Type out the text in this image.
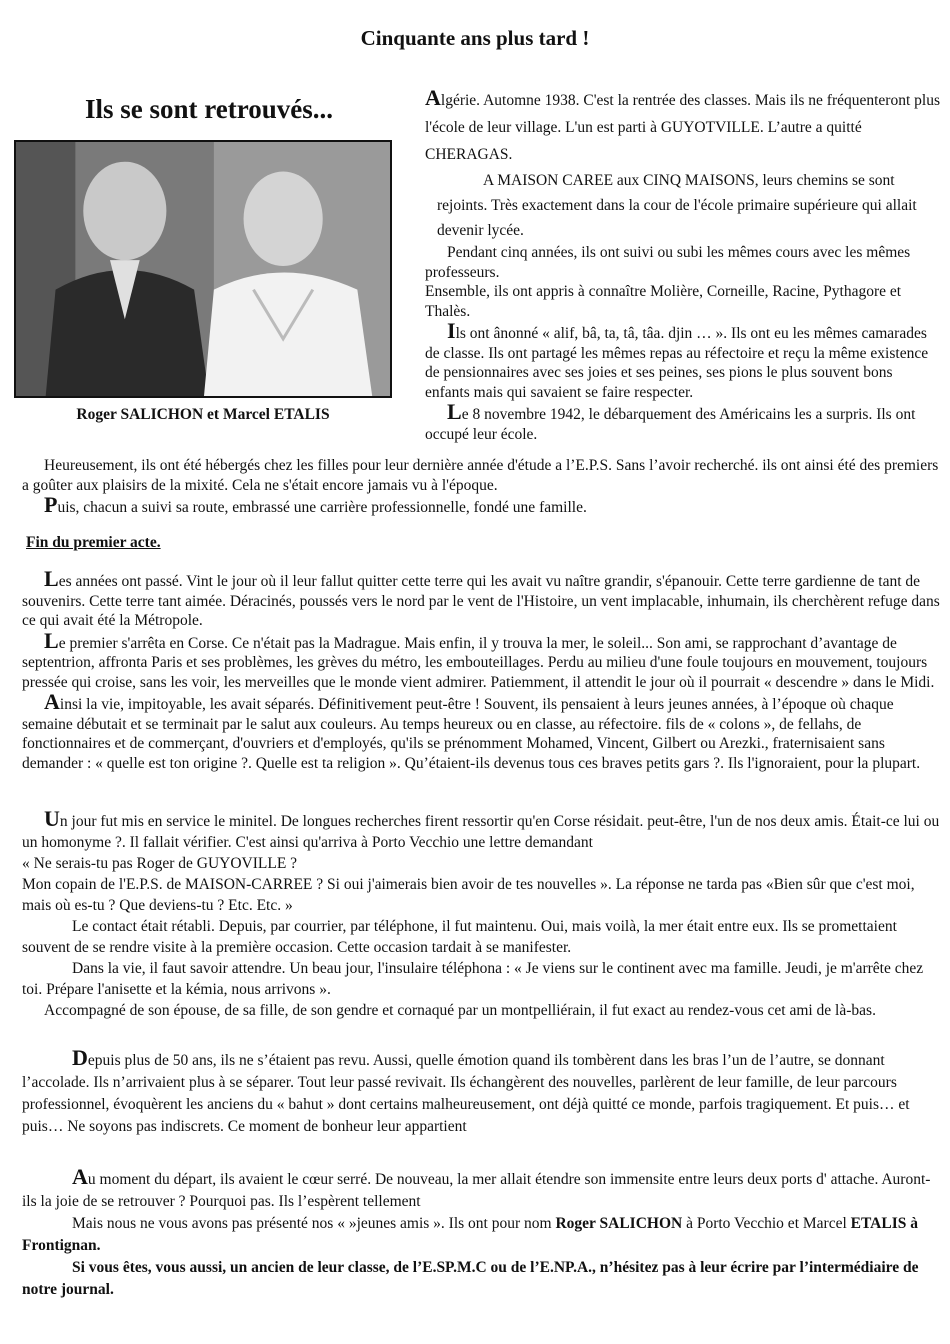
Cinquante ans plus tard !
Ils se sont retrouvés...
Roger SALICHON et Marcel ETALIS

Algérie. Automne 1938. C'est la rentrée des classes. Mais ils ne fréquenteront plus l'école de leur village. L'un est parti à GUYOTVILLE. L’autre a quitté CHERAGAS.

A MAISON CAREE aux CINQ MAISONS, leurs chemins se sont rejoints. Très exactement dans la cour de l'école primaire supérieure qui allait devenir lycée.

Pendant cinq années, ils ont suivi ou subi les mêmes cours avec les mêmes professeurs.

Ensemble, ils ont appris à connaître Molière, Corneille, Racine, Pythagore et Thalès.

Ils ont ânonné « alif, bâ, ta, tâ, tâa. djin … ». Ils ont eu les mêmes camarades de classe. Ils ont partagé les mêmes repas au réfectoire et reçu la même existence de pensionnaires avec ses joies et ses peines, ses pions le plus souvent bons enfants mais qui savaient se faire respecter.

Le 8 novembre 1942, le débarquement des Américains les a surpris. Ils ont occupé leur école.

Heureusement, ils ont été hébergés chez les filles pour leur dernière année d'étude a l’E.P.S. Sans l’avoir recherché. ils ont ainsi été des premiers a goûter aux plaisirs de la mixité. Cela ne s'était encore jamais vu à l'époque.

Puis, chacun a suivi sa route, embrassé une carrière professionnelle, fondé une famille.

Fin du premier acte.

Les années ont passé. Vint le jour où il leur fallut quitter cette terre qui les avait vu naître grandir, s'épanouir. Cette terre gardienne de tant de souvenirs. Cette terre tant aimée. Déracinés, poussés vers le nord par le vent de l'Histoire, un vent implacable, inhumain, ils cherchèrent refuge dans ce qui avait été la Métropole.

Le premier s'arrêta en Corse. Ce n'était pas la Madrague. Mais enfin, il y trouva la mer, le soleil... Son ami, se rapprochant d’avantage de septentrion, affronta Paris et ses problèmes, les grèves du métro, les embouteillages. Perdu au milieu d'une foule toujours en mouvement, toujours pressée qui croise, sans les voir, les merveilles que le monde vient admirer. Patiemment, il attendit le jour où il pourrait « descendre » dans le Midi.

Ainsi la vie, impitoyable, les avait séparés. Définitivement peut-être ! Souvent, ils pensaient à leurs jeunes années, à l’époque où chaque semaine débutait et se terminait par le salut aux couleurs. Au temps heureux ou en classe, au réfectoire. fils de « colons », de fellahs, de fonctionnaires et de commerçant, d'ouvriers et d'employés, qu'ils se prénomment Mohamed, Vincent, Gilbert ou Arezki., fraternisaient sans demander : « quelle est ton origine ?. Quelle est ta religion ». Qu’étaient-ils devenus tous ces braves petits gars ?. Ils l'ignoraient, pour la plupart.

Un jour fut mis en service le minitel. De longues recherches firent ressortir qu'en Corse résidait. peut-être, l'un de nos deux amis. Était-ce lui ou un homonyme ?. Il fallait vérifier. C'est ainsi qu'arriva à Porto Vecchio une lettre demandant

« Ne serais-tu pas Roger de GUYOVILLE ?

Mon copain de l'E.P.S. de MAISON-CARREE ? Si oui j'aimerais bien avoir de tes nouvelles ». La réponse ne tarda pas «Bien sûr que c'est moi, mais où es-tu ? Que deviens-tu ? Etc. Etc. »

Le contact était rétabli. Depuis, par courrier, par téléphone, il fut maintenu. Oui, mais voilà, la mer était entre eux. Ils se promettaient souvent de se rendre visite à la première occasion. Cette occasion tardait à se manifester.

Dans la vie, il faut savoir attendre. Un beau jour, l'insulaire téléphona : « Je viens sur le continent avec ma famille. Jeudi, je m'arrête chez toi. Prépare l'anisette et la kémia, nous arrivons ».

Accompagné de son épouse, de sa fille, de son gendre et cornaqué par un montpelliérain, il fut exact au rendez-vous cet ami de là-bas.

Depuis plus de 50 ans, ils ne s’étaient pas revu. Aussi, quelle émotion quand ils tombèrent dans les bras l’un de l’autre, se donnant l’accolade. Ils n’arrivaient plus à se séparer. Tout leur passé revivait. Ils échangèrent des nouvelles, parlèrent de leur famille, de leur parcours professionnel, évoquèrent les anciens du « bahut » dont certains malheureusement, ont déjà quitté ce monde, parfois tragiquement. Et puis… et puis… Ne soyons pas indiscrets. Ce moment de bonheur leur appartient

Au moment du départ, ils avaient le cœur serré. De nouveau, la mer allait étendre son immensite entre leurs deux ports d' attache. Auront-ils la joie de se retrouver ? Pourquoi pas. Ils l’espèrent tellement

Mais nous ne vous avons pas présenté nos « »jeunes amis ». Ils ont pour nom Roger SALICHON à Porto Vecchio et Marcel ETALIS à Frontignan.

Si vous êtes, vous aussi, un ancien de leur classe, de l’E.SP.M.C ou de l’E.NP.A., n’hésitez pas à leur écrire par l’intermédiaire de notre journal.
